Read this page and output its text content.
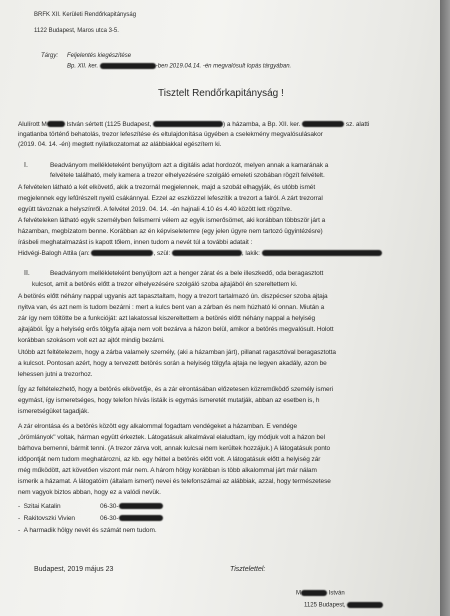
BRFK XII. Kerületi Rendőrkapitányság
1122 Budapest, Maros utca 3-5.
Tárgy: Feljelentés kiegészítése
Bp. XII. ker.	-ben 2019.04.14. -én megvalósult lopás tárgyában.
Tisztelt Rendőrkapitányság !
Alulírott M	István sértett (1125 Budapest,	) a házamba, a Bp. XII. ker.	sz. alatti
ingatlanba történő behatolás, trezor lefeszítése és eltulajdonítása ügyében a cselekmény megvalósulásakor
(2019. 04. 14. -én) megtett nyilatkozatomat az alábbiakkal egészítem ki.
I.	Beadványom mellékleteként benyújtom azt a digitális adat hordozót, melyen annak a kamarának a
felvétele található, mely kamera a trezor elhelyezésére szolgáló emeleti szobában rögzít felvételt.
A felvételen látható a két elkövető, akik a trezornál megjelennek, majd a szobát elhagyják, és utóbb ismét
megjelennek egy lefűrészelt nyelű csákánnyal. Ezzel az eszközzel lefeszítik a trezort a falról. A zárt trezorral
együtt távoznak a helyszínről. A felvétel 2019. 04. 14. -én hajnali 4.10 és 4.40 között lett rögzítve.
A felvételeken látható egyik személyben felismerni vélem az egyik ismerősömet, aki korábban többször járt a
házamban, megbízatom benne. Korábban az én képviseletemre (egy jelen ügyre nem tartozó ügyintézésre)
írásbeli meghatalmazást is kapott tőlem, innen tudom a nevét túl a további adatait :
Hidvégi-Balogh Attila (an:	, szül:	, lakik:
II.	Beadványom mellékleteként benyújtom azt a henger zárat és a bele illeszkedő, oda beragasztott
kulcsot, amit a betörés előtt a trezor elhelyezésére szolgáló szoba ajtajából én szereltettem ki.
A betörés előtt néhány nappal ugyanis azt tapasztaltam, hogy a trezort tartalmazó ún. diszpécser szoba ajtaja
nyitva van, és azt nem is tudom bezárni : mert a kulcs bent van a zárban és nem húzható ki onnan. Miután a
zár így nem töltötte be a funkcióját: azt lakatossal kiszereltettem a betörés előtt néhány nappal a helyiség
ajtajából. Így a helyiség erős tölgyfa ajtaja nem volt bezárva a házon belül, amikor a betörés megvalósult. Holott
korábban szokásom volt ezt az ajtót mindig bezárni.
Utóbb azt feltételezem, hogy a zárba valamely személy, (aki a házamban járt), pillanat ragasztóval beragasztotta
a kulcsot. Pontosan azért, hogy a tervezett betörés során a helyiség tölgyfa ajtaja ne legyen akadály, azon be
lehessen jutni a trezorhoz.
Így az feltételezhető, hogy a betörés elkövetője, és a zár elrontásában előzetesen közreműködő személy ismeri
egymást, így ismeretséges, hogy telefon hívás listáik is egymás ismeretét mutatják, abban az esetben is, h
ismeretségüket tagadják.
A zár elrontása és a betörés között egy alkalommal fogadtam vendégeket a házamban. E vendége
„örömlányok" voltak, hárman együtt érkeztek. Látogatásuk alkalmával elaludtam, így módjuk volt a házon bel
bárhova bemenni, bármit tenni. (A trezor zárva volt, annak kulcsai nem kerültek hozzájuk.) A látogatásuk ponto
időpontját nem tudom meghatározni, az kb. egy héttel a betörés előtt volt. A látogatásuk előtt a helyiség zár
még működött, azt követően viszont már nem. A három hölgy korábban is több alkalommal járt már nálam
ismerik a házamat. A látogatóim (általam ismert) nevei és telefonszámai az alábbiak, azzal, hogy természetese
nem vagyok biztos abban, hogy ez a valódi nevük.
-  Szitai Katalin	06-30-
-  Rakitovszki Vivien	06-30-
-  A harmadik hölgy nevét és számát nem tudom.
Budapest, 2019 május 23	Tisztelettel:
M	István
1125 Budapest,
